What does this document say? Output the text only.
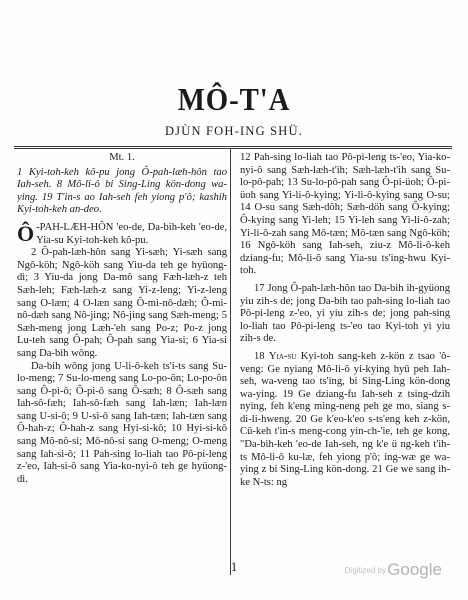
MÔ-T'A
DJÙN FOH-ING SHÜ.
Mt. 1.

1 Kyi-toh-keh kô-pu jong Ô-pah-læh-hôn tao Iah-seh. 8 Mô-li-ô bi Sing-Ling kön-dong wa-ying. 19 T'in-s ao Iah-seh feh yiong p'ô; kashih Kyi-toh-keh an-deo.

Ô -PAH-LÆH-HÔN 'eo-de, Da-bih-keh 'eo-de, Yia-su Kyi-toh-keh kô-pu.

2 Ô-pah-læh-hôn sang Yi-sæh; Yi-sæh sang Ngô-köh; Ngô-köh sang Yiu-da teh ge hyüong-di; 3 Yiu-da jong Da-mô sang Fæh-læh-z teh Sæh-leh; Fæh-læh-z sang Yi-z-leng; Yi-z-leng sang O-læn; 4 O-læn sang Ô-mi-nô-dæh; Ô-mi-nô-dæh sang Nô-jing; Nô-jing sang Sæh-meng; 5 Sæh-meng jong Læh-'eh sang Po-z; Po-z jong Lu-teh sang Ô-pah; Ô-pah sang Yia-si; 6 Yia-si sang Da-bih wông.

Da-bih wông jong U-li-ô-keh ts'i-ts sang Su-lo-meng; 7 Su-lo-meng sang Lo-po-ôn; Lo-po-ôn sang Ô-pi-ô; Ô-pi-ô sang Ô-sæh; 8 Ô-sæh sang Iah-sô-fæh; Iah-sô-fæh sang Iah-læn; Iah-læn sang U-si-ô; 9 U-si-ô sang Iah-tæn; Iah-tæn sang Ô-hah-z; Ô-hah-z sang Hyi-si-kô; 10 Hyi-si-kô sang Mô-nô-si; Mô-nô-si sang O-meng; O-meng sang Iah-si-ô; 11 Pah-sing lo-liah tao Pô-pi-leng z-'eo, Iah-si-ô sang Yia-ko-nyi-ô teh ge hyüong-di.

12 Pah-sing lo-liah tao Pô-pi-leng ts-'eo, Yia-ko-nyi-ô sang Sæh-læh-t'ih; Sæh-læh-t'ih sang Su-lo-pô-pah; 13 Su-lo-pô-pah sang Ô-pi-üoh; Ô-pi-üoh sang Yi-li-ô-kying; Yi-li-ô-kying sang O-su; 14 O-su sang Sæh-döh; Sæh-döh sang Ô-kying; Ô-kying sang Yi-leh; 15 Yi-leh sang Yi-li-ô-zah; Yi-li-ô-zah sang Mô-tæn; Mô-tæn sang Ngô-köh; 16 Ngô-köh sang Iah-seh, ziu-z Mô-li-ô-keh dziang-fu; Mô-li-ô sang Yia-su ts'ing-hwu Kyi-toh.

17 Jong Ô-pah-læh-hôn tao Da-bih ih-gyüong yiu zih-s de; jong Da-bih tao pah-sing lo-liah tao Pô-pi-leng z-'eo, yi yiu zih-s de; jong pah-sing lo-liah tao Pô-pi-leng ts-'eo tao Kyi-toh yi yiu zih-s de.

18 Yia-su Kyi-toh sang-keh z-kön z tsao 'ô-veng: Ge nyiang Mô-li-ô yi-kying hyü peh Iah-seh, wa-veng tao ts'ing, bi Sing-Ling kön-dong wa-ying. 19 Ge dziang-fu Iah-seh z tsing-dzih nying, feh k'eng ming-neng peh ge mo, siang s-di-li-hweng. 20 Ge k'eo-k'eo s-ts'eng keh z-kön, Cü-keh t'in-s meng-cong yin-ch-'ie, teh ge kong, "Da-bih-keh 'eo-de Iah-seh, ng k'e ü ng-keh t'ih-ts Mô-li-ô ku-læ, feh yiong p'ô; ing-wæ ge wa-ying z bi Sing-Ling kön-dong. 21 Ge we sang ih-ke N-ts: ng

1	Digitized by Google
